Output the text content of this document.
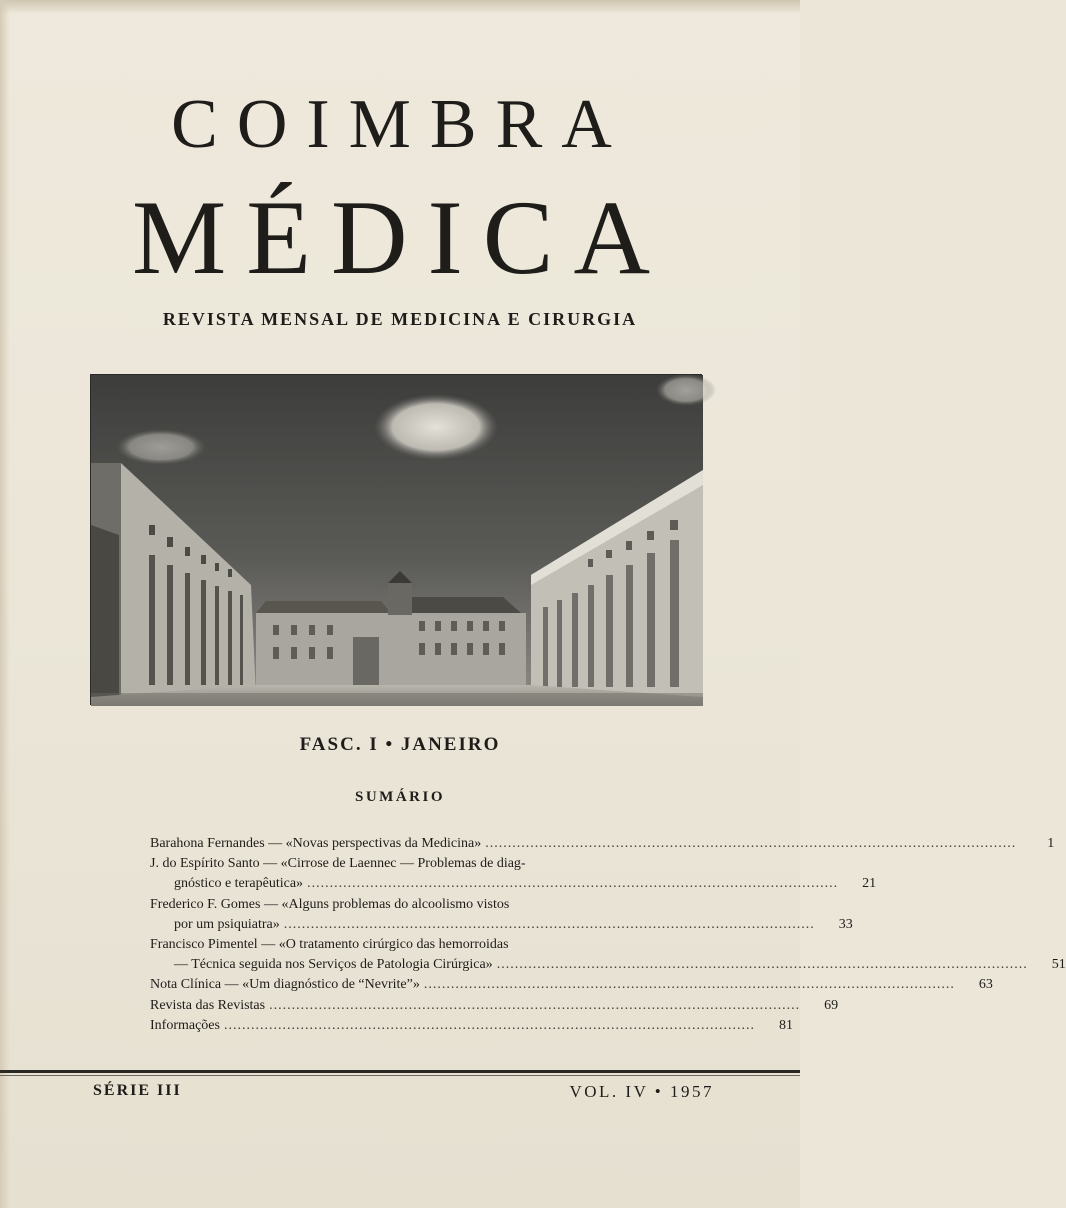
COIMBRA
MÉDICA
REVISTA MENSAL DE MEDICINA E CIRURGIA
FASC. I • JANEIRO
SUMÁRIO
Barahona Fernandes — «Novas perspectivas da Medicina» ......................................................................................................................	1
J. do Espírito Santo — «Cirrose de Laennec — Problemas de diag-
gnóstico e terapêutica» ......................................................................................................................	21
Frederico F. Gomes — «Alguns problemas do alcoolismo vistos
por um psiquiatra» ......................................................................................................................	33
Francisco Pimentel — «O tratamento cirúrgico das hemorroidas
— Técnica seguida nos Serviços de Patologia Cirúrgica» ......................................................................................................................	51
Nota Clínica — «Um diagnóstico de “Nevrite”» ......................................................................................................................	63
Revista das Revistas ......................................................................................................................	69
Informações ......................................................................................................................	81
SÉRIE III	VOL. IV • 1957
